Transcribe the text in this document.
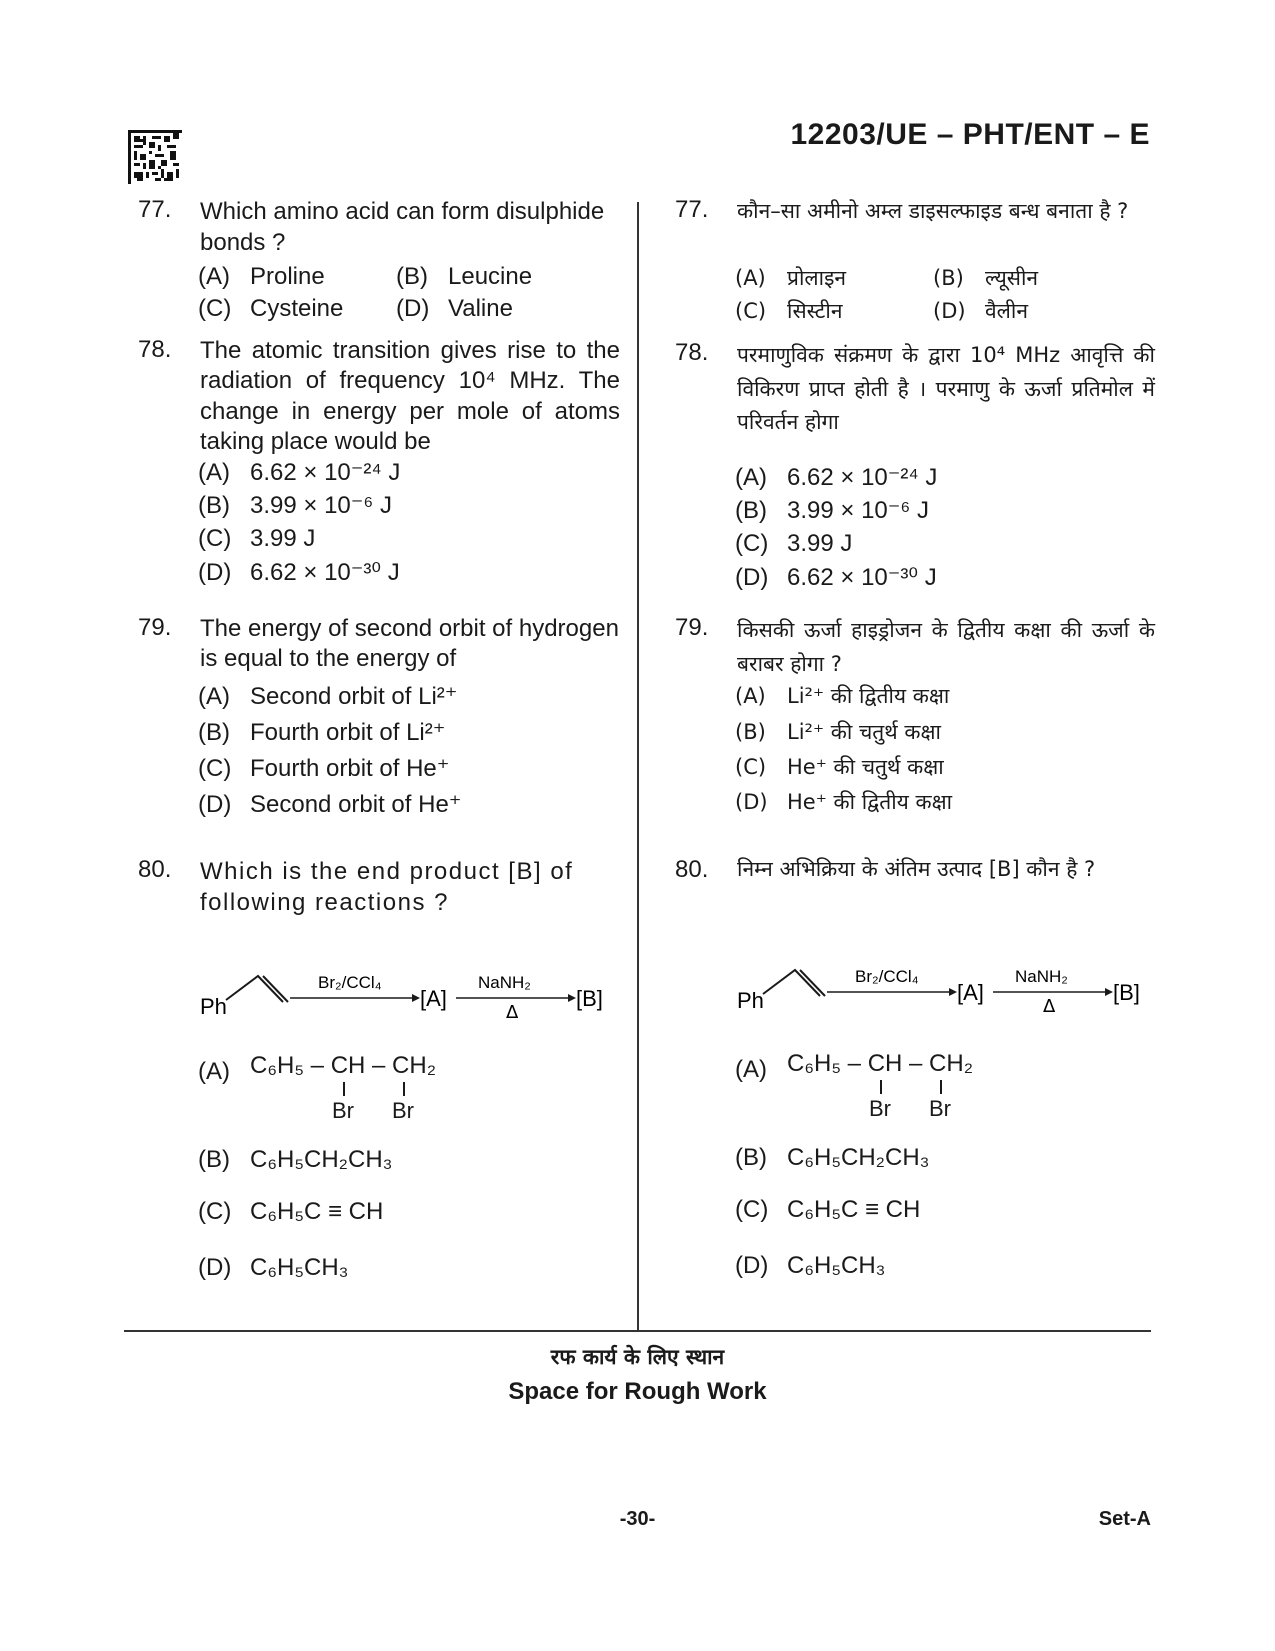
12203/UE – PHT/ENT – E
77. Which amino acid can form disulphide bonds ?
(A) Proline	(B) Leucine
(C) Cysteine (D) Valine
78. The atomic transition gives rise to the radiation of frequency 10⁴ MHz. The change in energy per mole of atoms taking place would be
(A) 6.62 × 10⁻²⁴ J
(B) 3.99 × 10⁻⁶ J
(C) 3.99 J
(D) 6.62 × 10⁻³⁰ J
79. The energy of second orbit of hydrogen is equal to the energy of
(A) Second orbit of Li²⁺
(B) Fourth orbit of Li²⁺
(C) Fourth orbit of He⁺
(D) Second orbit of He⁺
80. Which is the end product [B] of following reactions ?
Ph
Br₂/CCl₄
[A]
NaNH₂
Δ
[B]
(A) C₆H₅ – CH – CH₂
Br Br
(B) C₆H₅CH₂CH₃
(C) C₆H₅C ≡ CH
(D) C₆H₅CH₃
77. कौन–सा अमीनो अम्ल डाइसल्फाइड बन्ध बनाता है ?
(A) प्रोलाइन	(B) ल्यूसीन
(C) सिस्टीन	(D) वैलीन
78. परमाणुविक संक्रमण के द्वारा 10⁴ MHz आवृत्ति की विकिरण प्राप्त होती है । परमाणु के ऊर्जा प्रतिमोल में परिवर्तन होगा
(A) 6.62 × 10⁻²⁴ J
(B) 3.99 × 10⁻⁶ J
(C) 3.99 J
(D) 6.62 × 10⁻³⁰ J
79. किसकी ऊर्जा हाइड्रोजन के द्वितीय कक्षा की ऊर्जा के बराबर होगा ?
(A) Li²⁺ की द्वितीय कक्षा
(B) Li²⁺ की चतुर्थ कक्षा
(C) He⁺ की चतुर्थ कक्षा
(D) He⁺ की द्वितीय कक्षा
80. निम्न अभिक्रिया के अंतिम उत्पाद [B] कौन है ?
Ph
Br₂/CCl₄
[A]
NaNH₂
Δ
[B]
(A) C₆H₅ – CH – CH₂
Br Br
(B) C₆H₅CH₂CH₃
(C) C₆H₅C ≡ CH
(D) C₆H₅CH₃
रफ कार्य के लिए स्थान
Space for Rough Work
-30-	Set-A
